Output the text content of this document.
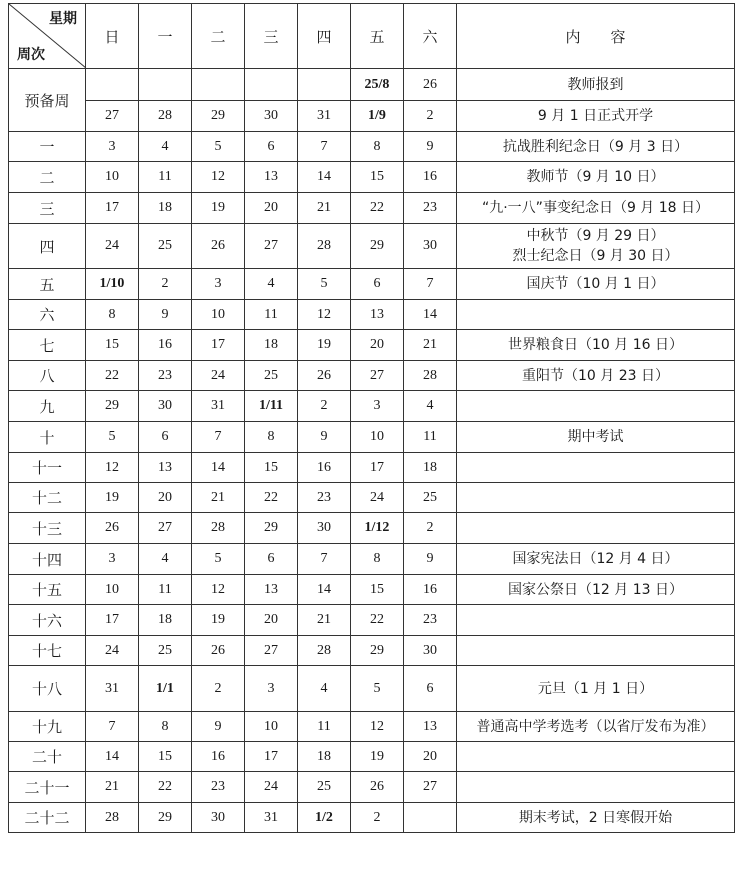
星期
周次	日	一	二	三	四	五	六	内　　容
预备周						25/8	26	教师报到

	27	28	29	30	31	1/9	2	9 月 1 日正式开学

一	3	4	5	6	7	8	9	抗战胜利纪念日（9 月 3 日）

二	10	11	12	13	14	15	16	教师节（9 月 10 日）

三	17	18	19	20	21	22	23	“九·一八”事变纪念日（9 月 18 日）

四	24	25	26	27	28	29	30	中秋节（9 月 29 日）
烈士纪念日（9 月 30 日）

五	1/10	2	3	4	5	6	7	国庆节（10 月 1 日）

六	8	9	10	11	12	13	14	

七	15	16	17	18	19	20	21	世界粮食日（10 月 16 日）

八	22	23	24	25	26	27	28	重阳节（10 月 23 日）

九	29	30	31	1/11	2	3	4	

十	5	6	7	8	9	10	11	期中考试

十一	12	13	14	15	16	17	18	

十二	19	20	21	22	23	24	25	

十三	26	27	28	29	30	1/12	2	

十四	3	4	5	6	7	8	9	国家宪法日（12 月 4 日）

十五	10	11	12	13	14	15	16	国家公祭日（12 月 13 日）

十六	17	18	19	20	21	22	23	

十七	24	25	26	27	28	29	30	

十八	31	1/1	2	3	4	5	6	元旦（1 月 1 日）

十九	7	8	9	10	11	12	13	普通高中学考选考（以省厅发布为准）

二十	14	15	16	17	18	19	20	

二十一	21	22	23	24	25	26	27	

二十二	28	29	30	31	1/2	2		期末考试，2 日寒假开始
